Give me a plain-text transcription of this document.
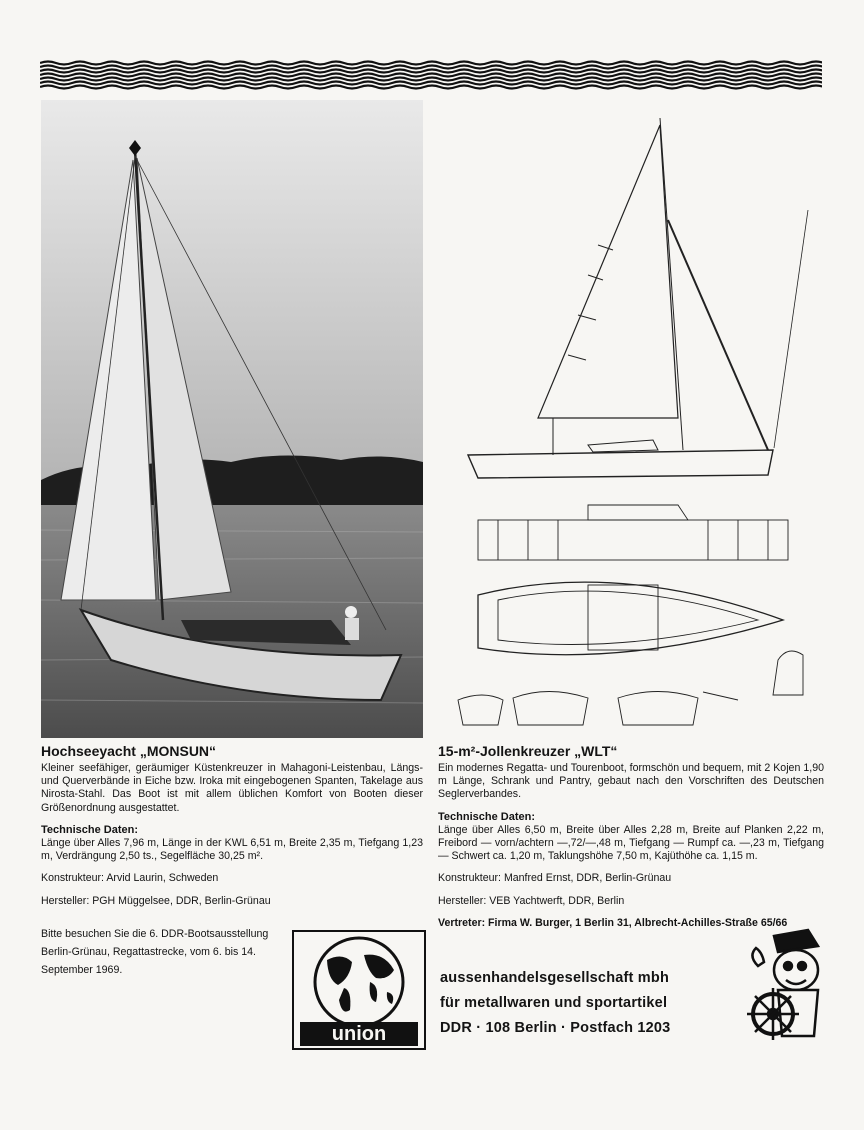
Hochseeyacht „MONSUN“

Kleiner seefähiger, geräumiger Küstenkreuzer in Mahagoni-Leistenbau, Längs- und Querverbände in Eiche bzw. Iroka mit eingebogenen Spanten, Takelage aus Nirosta-Stahl. Das Boot ist mit allem üblichen Komfort von Booten dieser Größenordnung ausgestattet.

Technische Daten:

Länge über Alles 7,96 m, Länge in der KWL 6,51 m, Breite 2,35 m, Tiefgang 1,23 m, Verdrängung 2,50 ts., Segelfläche 30,25 m².

Konstrukteur: Arvid Laurin, Schweden

Hersteller: PGH Müggelsee, DDR, Berlin-Grünau

15-m²-Jollenkreuzer „WLT“

Ein modernes Regatta- und Tourenboot, formschön und bequem, mit 2 Kojen 1,90 m Länge, Schrank und Pantry, gebaut nach den Vorschriften des Deutschen Seglerverbandes.

Technische Daten:

Länge über Alles 6,50 m, Breite über Alles 2,28 m, Breite auf Planken 2,22 m, Freibord — vorn/achtern —,72/—,48 m, Tiefgang — Rumpf ca. —,23 m, Tiefgang — Schwert ca. 1,20 m, Taklungshöhe 7,50 m, Kajüthöhe ca. 1,15 m.

Konstrukteur: Manfred Ernst, DDR, Berlin-Grünau

Hersteller: VEB Yachtwerft, DDR, Berlin

Vertreter: Firma W. Burger, 1 Berlin 31, Albrecht-Achilles-Straße 65/66

Bitte besuchen Sie die 6. DDR-Bootsausstellung Berlin-Grünau, Regattastrecke, vom 6. bis 14. September 1969.
union
aussenhandelsgesellschaft mbh
für metallwaren und sportartikel
DDR · 108 Berlin · Postfach 1203
